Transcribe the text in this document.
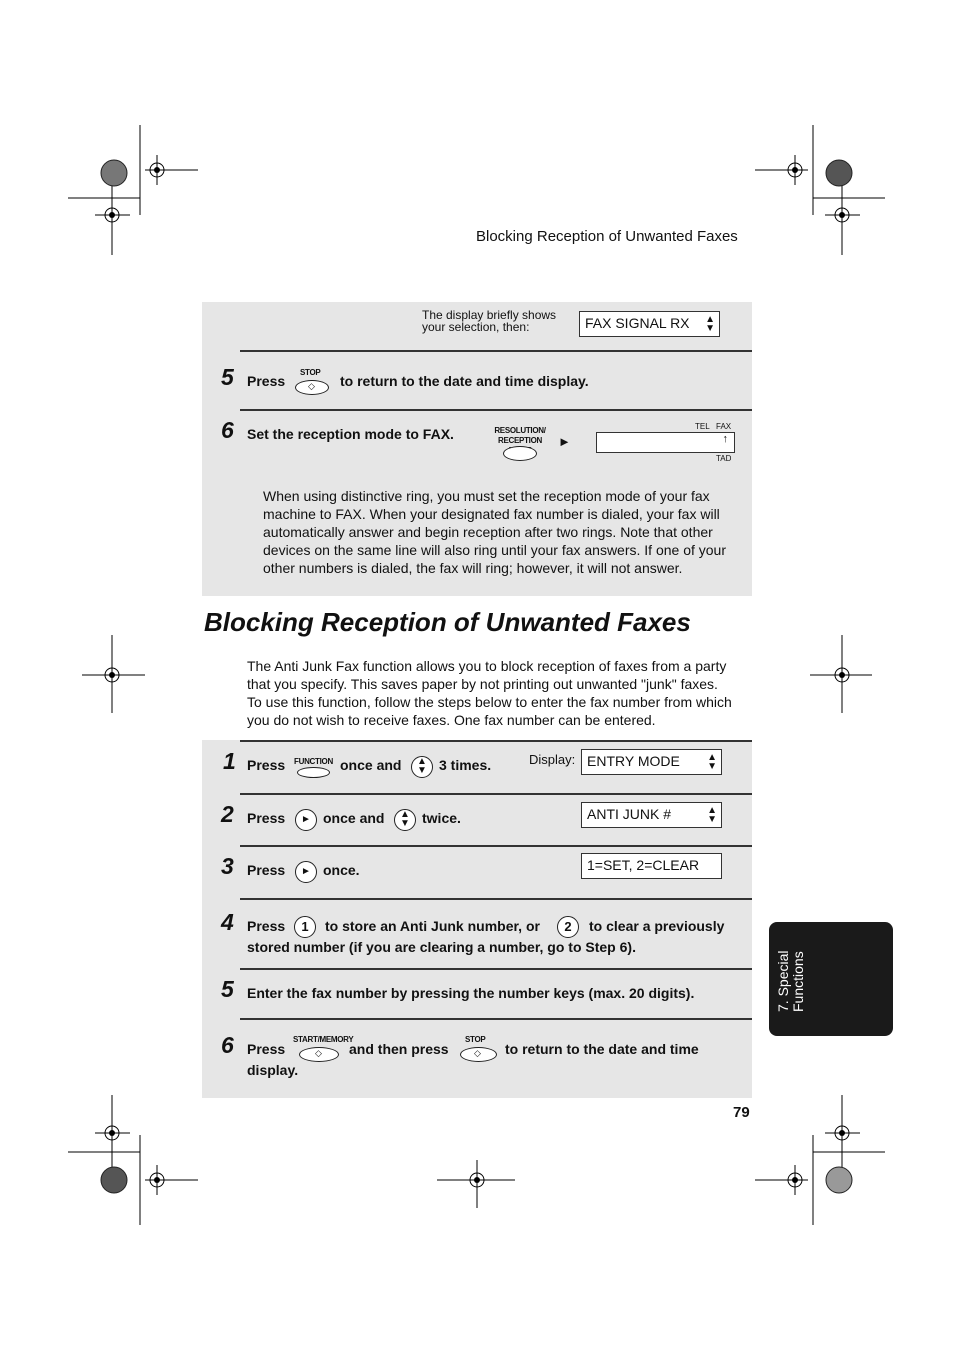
Blocking Reception of Unwanted Faxes
The display briefly shows
your selection, then:	FAX SIGNAL RX ▲
▼
5 Press
STOP
◇ to return to the date and time display.
6 Set the reception mode to FAX.	RESOLUTION/
RECEPTION	►
TEL FAX
↑
TAD
When using distinctive ring, you must set the reception mode of your fax
machine to FAX. When your designated fax number is dialed, your fax will
automatically answer and begin reception after two rings. Note that other
devices on the same line will also ring until your fax answers. If one of your
other numbers is dialed, the fax will ring; however, it will not answer.
Blocking Reception of Unwanted Faxes
The Anti Junk Fax function allows you to block reception of faxes from a party
that you specify. This saves paper by not printing out unwanted "junk" faxes.
To use this function, follow the steps below to enter the fax number from which
you do not wish to receive faxes. One fax number can be entered.
1 Press FUNCTION once and	▲
▼ 3 times.	Display: ENTRY MODE	▲
▼
2 Press	► once and	▲
▼ twice.	ANTI JUNK #	▲
▼
3 Press	► once.	1=SET, 2=CLEAR
4 Press	1	to store an Anti Junk number, or	2	to clear a previously
stored number (if you are clearing a number, go to Step 6).
5 Enter the fax number by pressing the number keys (max. 20 digits).
6 Press
START/MEMORY
◇ and then press
STOP
◇ to return to the date and time
display.
7. Special Functions
79
